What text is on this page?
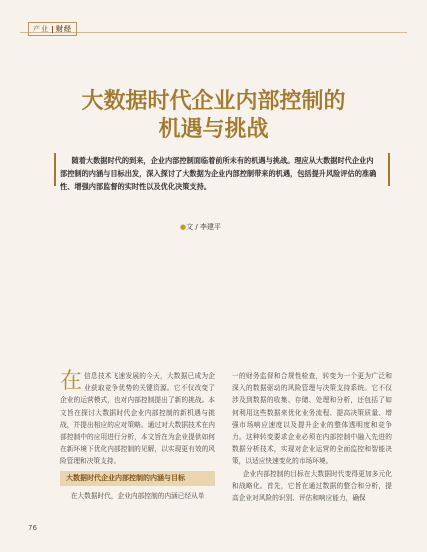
产业 财经
大数据时代企业内部控制的
机遇与挑战
随着大数据时代的到来，企业内部控制面临着前所未有的机遇与挑战。理应从大数据时代企业内部控制的内涵与目标出发，深入探讨了大数据为企业内部控制带来的机遇，包括提升风险评估的准确性、增强内部监督的实时性以及优化决策支持。
●文 / 李建平

在信息技术飞速发展的今天，大数据已成为企业获取竞争优势的关键资源。它不仅改变了企业的运营模式，也对内部控制提出了新的挑战。本文旨在探讨大数据时代企业内部控制的新机遇与挑战，并提出相应的应对策略。通过对大数据技术在内部控制中的应用进行分析，本文旨在为企业提供如何在新环境下优化内部控制的见解，以实现更有效的风险管理和决策支持。

大数据时代企业内部控制的内涵与目标

在大数据时代，企业内部控制的内涵已经从单

一的财务监督和合规性检查，转变为一个更为广泛和深入的数据驱动的风险管理与决策支持系统。它不仅涉及到数据的收集、存储、处理和分析，还包括了如何利用这些数据来优化业务流程、提高决策质量、增强市场响应速度以及提升企业的整体透明度和竞争力。这种转变要求企业必须在内部控制中融入先进的数据分析技术，实现对企业运营的全面监控和智能决策，以适应快速变化的市场环境。

企业内部控制的目标在大数据时代变得更加多元化和战略化。首先，它旨在通过数据的整合和分析，提高企业对风险的识别、评估和响应能力，确保

76
